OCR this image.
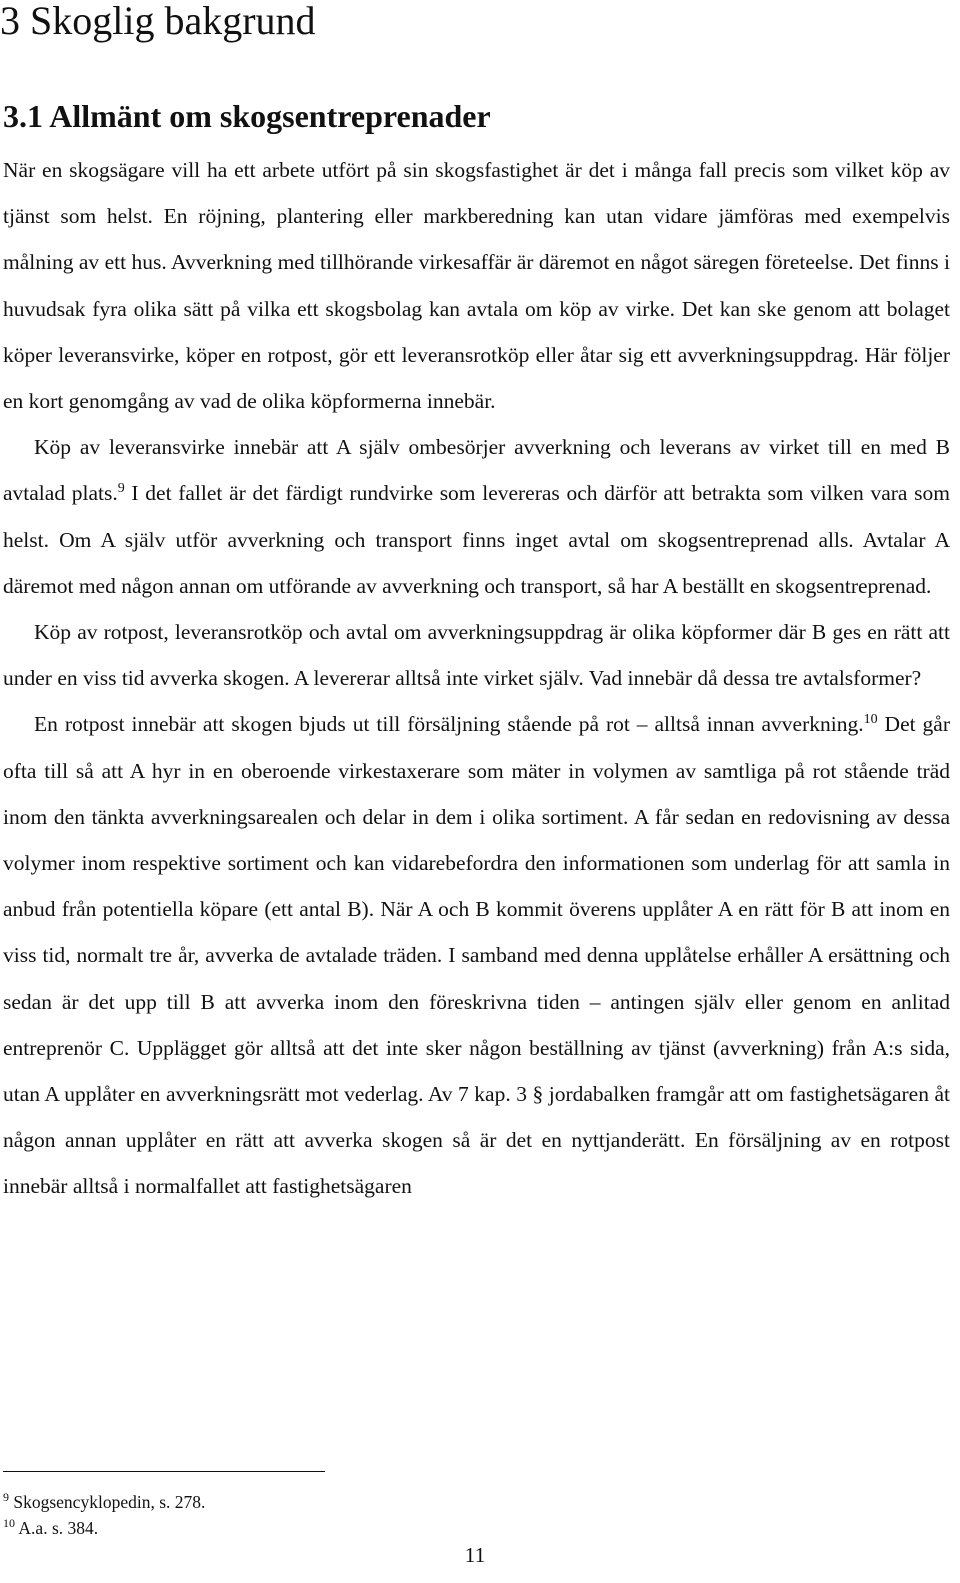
3 Skoglig bakgrund
3.1 Allmänt om skogsentreprenader

När en skogsägare vill ha ett arbete utfört på sin skogsfastighet är det i många fall precis som vilket köp av tjänst som helst. En röjning, plantering eller markberedning kan utan vidare jämföras med exempelvis målning av ett hus. Avverkning med tillhörande virkesaffär är däremot en något säregen företeelse. Det finns i huvudsak fyra olika sätt på vilka ett skogsbolag kan avtala om köp av virke. Det kan ske genom att bolaget köper leveransvirke, köper en rotpost, gör ett leveransrotköp eller åtar sig ett avverkningsuppdrag. Här följer en kort genomgång av vad de olika köpformerna innebär.

Köp av leveransvirke innebär att A själv ombesörjer avverkning och leverans av virket till en med B avtalad plats.$^9$ I det fallet är det färdigt rundvirke som levereras och därför att betrakta som vilken vara som helst. Om A själv utför avverkning och transport finns inget avtal om skogsentreprenad alls. Avtalar A däremot med någon annan om utförande av avverkning och transport, så har A beställt en skogsentreprenad.

Köp av rotpost, leveransrotköp och avtal om avverkningsuppdrag är olika köpformer där B ges en rätt att under en viss tid avverka skogen. A levererar alltså inte virket själv. Vad innebär då dessa tre avtalsformer?

En rotpost innebär att skogen bjuds ut till försäljning stående på rot – alltså innan avverkning.$^{10}$ Det går ofta till så att A hyr in en oberoende virkestaxerare som mäter in volymen av samtliga på rot stående träd inom den tänkta avverkningsarealen och delar in dem i olika sortiment. A får sedan en redovisning av dessa volymer inom respektive sortiment och kan vidarebefordra den informationen som underlag för att samla in anbud från potentiella köpare (ett antal B). När A och B kommit överens upplåter A en rätt för B att inom en viss tid, normalt tre år, avverka de avtalade träden. I samband med denna upplåtelse erhåller A ersättning och sedan är det upp till B att avverka inom den föreskrivna tiden – antingen själv eller genom en anlitad entreprenör C. Upplägget gör alltså att det inte sker någon beställning av tjänst (avverkning) från A:s sida, utan A upplåter en avverkningsrätt mot vederlag. Av 7 kap. 3 § jordabalken framgår att om fastighetsägaren åt någon annan upplåter en rätt att avverka skogen så är det en nyttjanderätt. En försäljning av en rotpost innebär alltså i normalfallet att fastighetsägaren

$^9$ Skogsencyklopedin, s. 278.
$^{10}$ A.a. s. 384.
11
